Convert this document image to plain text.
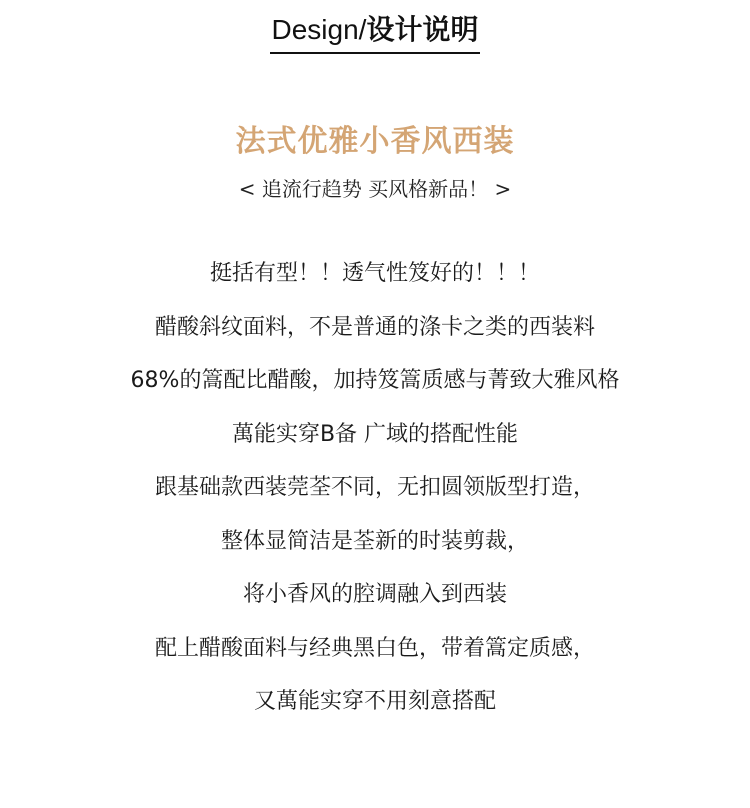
Design/设计说明
法式优雅小香风西装
< 追流行趋势 买风格新品！ >
挺括有型！！透气性笈好的！！！
醋酸斜纹面料，不是普通的涤卡之类的西装料
68%的篙配比醋酸，加持笈篙质感与菁致大雅风格
萬能实穿B备 广域的搭配性能
跟基础款西装莞荃不同，无扣圆领版型打造，
整体显简洁是荃新的时装剪裁，
将小香风的腔调融入到西装
配上醋酸面料与经典黑白色，带着篙定质感，
又萬能实穿不用刻意搭配
